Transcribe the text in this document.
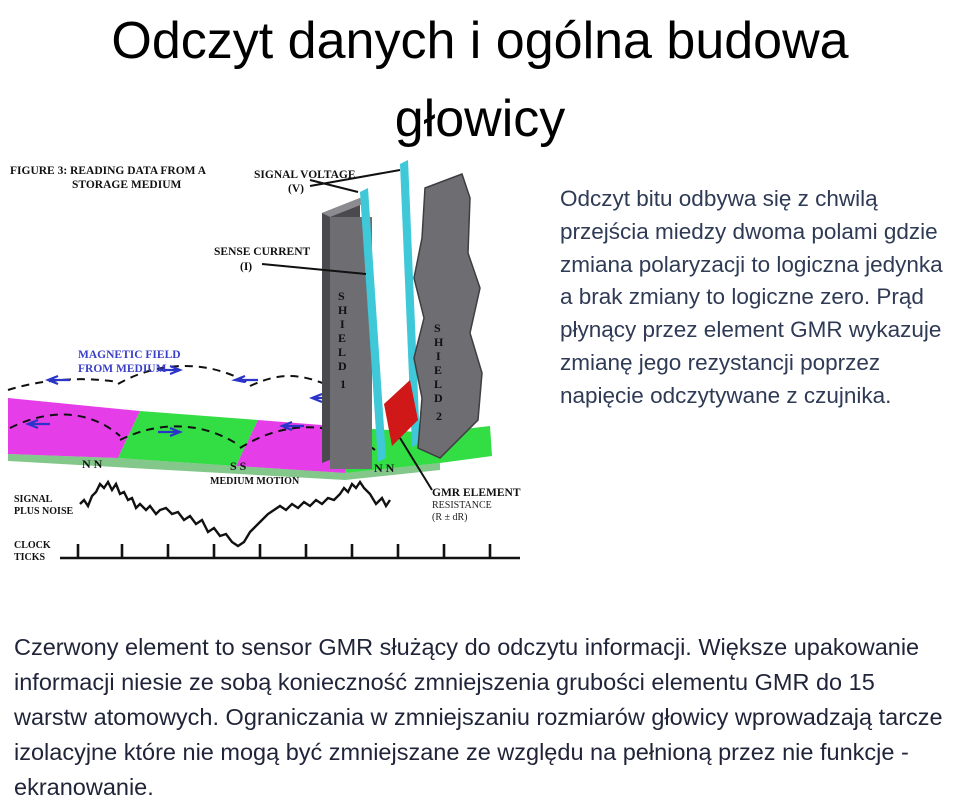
Odczyt danych i ogólna budowa
głowicy
FIGURE 3: READING DATA FROM A
STORAGE MEDIUM
S
H
I
E
L
D
1
S
H
I
E
L
D
2
SIGNAL VOLTAGE
(V)
SENSE CURRENT
(I)
MAGNETIC FIELD
FROM MEDIUM
N N	S S	N N
MEDIUM MOTION
GMR ELEMENT
RESISTANCE
(R ± dR)
SIGNAL
PLUS NOISE
CLOCK
TICKS
Odczyt bitu odbywa się z chwilą przejścia miedzy dwoma polami gdzie zmiana polaryzacji to logiczna jedynka a brak zmiany to logiczne zero. Prąd płynący przez element GMR wykazuje zmianę jego rezystancji poprzez napięcie odczytywane z czujnika.
Czerwony element to sensor GMR służący do odczytu informacji. Większe upakowanie informacji niesie ze sobą konieczność zmniejszenia grubości elementu GMR do 15 warstw atomowych. Ograniczania w zmniejszaniu rozmiarów głowicy wprowadzają tarcze izolacyjne które nie mogą być zmniejszane ze względu na pełnioną przez nie funkcje - ekranowanie.
